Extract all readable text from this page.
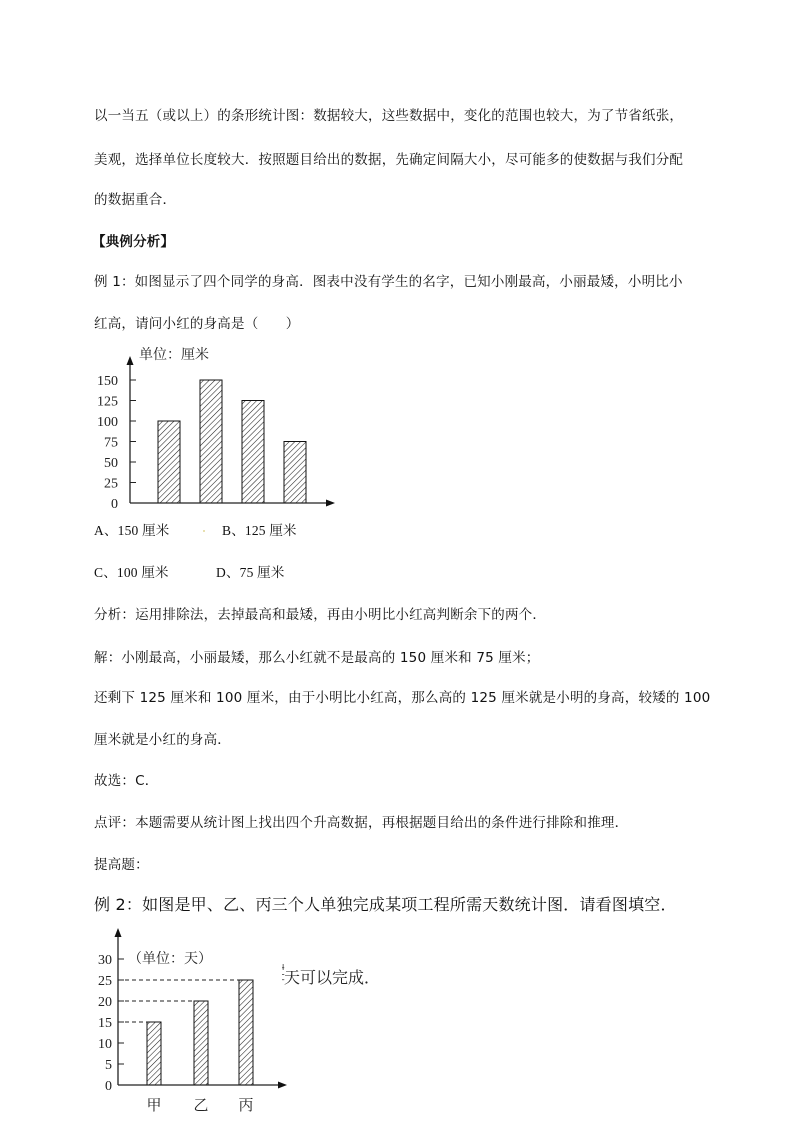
以一当五（或以上）的条形统计图：数据较大，这些数据中，变化的范围也较大，为了节省纸张，
美观，选择单位长度较大．按照题目给出的数据，先确定间隔大小，尽可能多的使数据与我们分配
的数据重合．
【典例分析】
例 1：如图显示了四个同学的身高．图表中没有学生的名字，已知小刚最高，小丽最矮，小明比小
红高，请问小红的身高是（　　）
0
25
50
75
100
125
150
单位：厘米
A、150 厘米	B、125 厘米
C、100 厘米	D、75 厘米
分析：运用排除法，去掉最高和最矮，再由小明比小红高判断余下的两个．
解：小刚最高，小丽最矮，那么小红就不是最高的 150 厘米和 75 厘米；
还剩下 125 厘米和 100 厘米，由于小明比小红高，那么高的 125 厘米就是小明的身高，较矮的 100
厘米就是小红的身高．
故选：C．
点评：本题需要从统计图上找出四个升高数据，再根据题目给出的条件进行排除和推理．
提高题：
例 2：如图是甲、乙、丙三个人单独完成某项工程所需天数统计图．请看图填空．
甲 乙 丙
0
5
10
15
20
25
30 （单位：天）
天可以完成．
